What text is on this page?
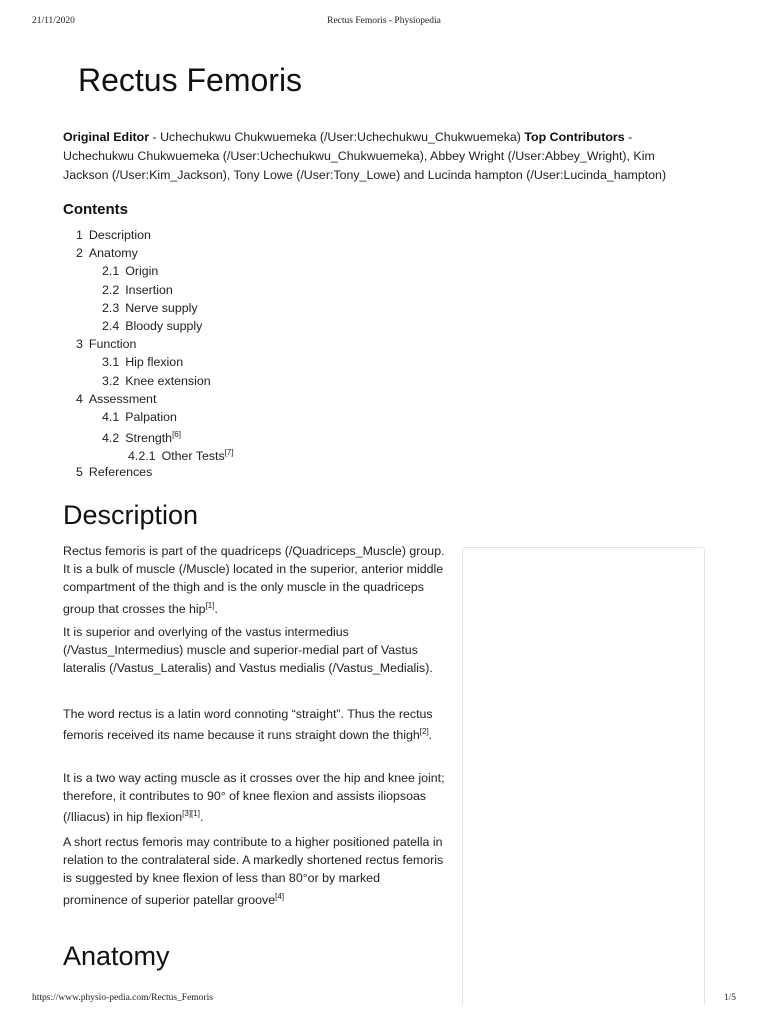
21/11/2020	Rectus Femoris - Physiopedia
Rectus Femoris

Original Editor - Uchechukwu Chukwuemeka (/User:Uchechukwu_Chukwuemeka) Top Contributors - Uchechukwu Chukwuemeka (/User:Uchechukwu_Chukwuemeka), Abbey Wright (/User:Abbey_Wright), Kim Jackson (/User:Kim_Jackson), Tony Lowe (/User:Tony_Lowe) and Lucinda hampton (/User:Lucinda_hampton)

Contents
1 Description
2 Anatomy
2.1 Origin
2.2 Insertion
2.3 Nerve supply
2.4 Bloody supply
3 Function
3.1 Hip flexion
3.2 Knee extension
4 Assessment
4.1 Palpation
4.2 Strength[6]
4.2.1 Other Tests[7]
5 References
Description

Rectus femoris is part of the quadriceps (/Quadriceps_Muscle) group. It is a bulk of muscle (/Muscle) located in the superior, anterior middle compartment of the thigh and is the only muscle in the quadriceps group that crosses the hip[1].

It is superior and overlying of the vastus intermedius (/Vastus_Intermedius) muscle and superior-medial part of Vastus lateralis (/Vastus_Lateralis) and Vastus medialis (/Vastus_Medialis).

The word rectus is a latin word connoting “straight”. Thus the rectus femoris received its name because it runs straight down the thigh[2].

It is a two way acting muscle as it crosses over the hip and knee joint; therefore, it contributes to 90° of knee flexion and assists iliopsoas (/Iliacus) in hip flexion[3][1].

A short rectus femoris may contribute to a higher positioned patella in relation to the contralateral side. A markedly shortened rectus femoris is suggested by knee flexion of less than 80°or by marked prominence of superior patellar groove[4]

Anatomy
https://www.physio-pedia.com/Rectus_Femoris	1/5
